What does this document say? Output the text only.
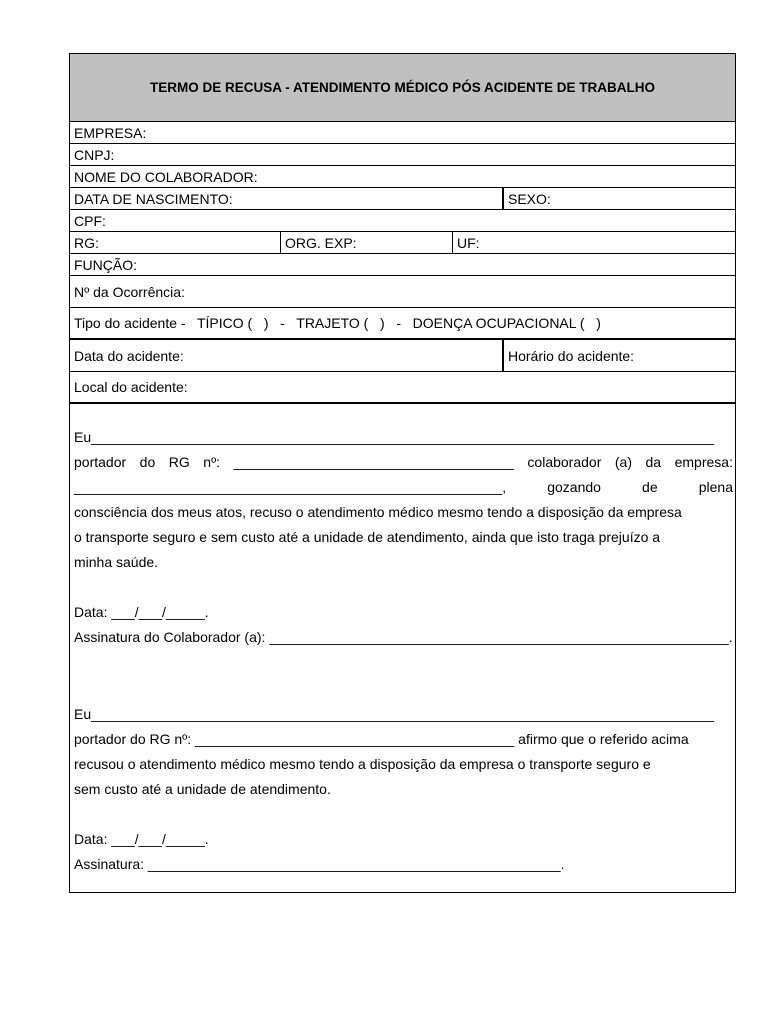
TERMO DE RECUSA - ATENDIMENTO MÉDICO PÓS ACIDENTE DE TRABALHO
EMPRESA:
CNPJ:
NOME DO COLABORADOR:
DATA DE NASCIMENTO:	SEXO:
CPF:
RG:	ORG. EXP:	UF:
FUNÇÃO:
Nº da Ocorrência:
Tipo do acidente -   TÍPICO (   )   -   TRAJETO (   )   -   DOENÇA OCUPACIONAL (   )
Data do acidente:	Horário do acidente:
Local do acidente:
Eu________________________________________________________________________________
portador do RG nº: ____________________________________ colaborador (a) da empresa:
_______________________________________________________,	gozando	de	plena
consciência dos meus atos, recuso o atendimento médico mesmo tendo a disposição da empresa
o transporte seguro e sem custo até a unidade de atendimento, ainda que isto traga prejuízo a
minha saúde.
Data: ___/___/_____.
Assinatura do Colaborador (a): ___________________________________________________________.
Eu________________________________________________________________________________
portador do RG nº: _________________________________________ afirmo que o referido acima
recusou o atendimento médico mesmo tendo a disposição da empresa o transporte seguro e
sem custo até a unidade de atendimento.
Data: ___/___/_____.
Assinatura: _____________________________________________________.
